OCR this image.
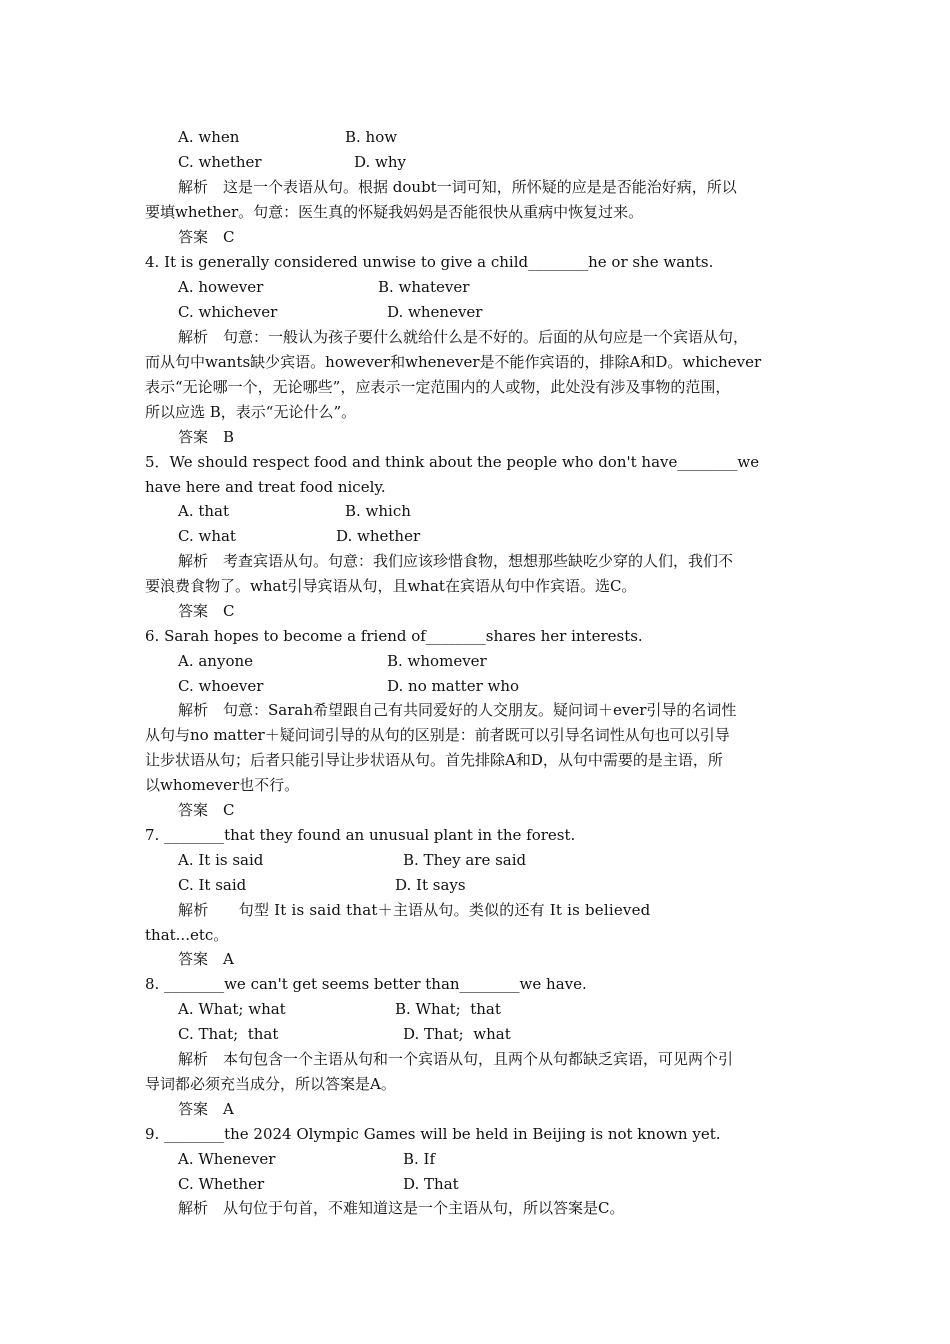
A. when	B. how
C. whether	D. why
解析　这是一个表语从句。根据 doubt一词可知，所怀疑的应是是否能治好病，所以
要填whether。句意：医生真的怀疑我妈妈是否能很快从重病中恢复过来。
答案　C
4. It is generally considered unwise to give a child________he or she wants.
A. however	B. whatever
C. whichever	D. whenever
解析　句意：一般认为孩子要什么就给什么是不好的。后面的从句应是一个宾语从句，
而从句中wants缺少宾语。however和whenever是不能作宾语的，排除A和D。whichever
表示“无论哪一个，无论哪些”，应表示一定范围内的人或物，此处没有涉及事物的范围，
所以应选 B，表示“无论什么”。
答案　B
5．We should respect food and think about the people who don't have________we
have here and treat food nicely.
A. that	B. which
C. what	D. whether
解析　考查宾语从句。句意：我们应该珍惜食物，想想那些缺吃少穿的人们，我们不
要浪费食物了。what引导宾语从句，且what在宾语从句中作宾语。选C。
答案　C
6. Sarah hopes to become a friend of________shares her interests.
A. anyone	B. whomever
C. whoever	D. no matter who
解析　句意：Sarah希望跟自己有共同爱好的人交朋友。疑问词＋ever引导的名词性
从句与no matter＋疑问词引导的从句的区别是：前者既可以引导名词性从句也可以引导
让步状语从句；后者只能引导让步状语从句。首先排除A和D，从句中需要的是主语，所
以whomever也不行。
答案　C
7. ________that they found an unusual plant in the forest.
A. It is said	B. They are said
C. It said	D. It says
解析　　句型 It is said that＋主语从句。类似的还有 It is believed
that...etc。
答案　A
8. ________we can't get seems better than________we have.
A. What; what	B. What;  that
C. That;  that	D. That;  what
解析　本句包含一个主语从句和一个宾语从句，且两个从句都缺乏宾语，可见两个引
导词都必须充当成分，所以答案是A。
答案　A
9. ________the 2024 Olympic Games will be held in Beijing is not known yet.
A. Whenever	B. If
C. Whether	D. That
解析　从句位于句首，不难知道这是一个主语从句，所以答案是C。
